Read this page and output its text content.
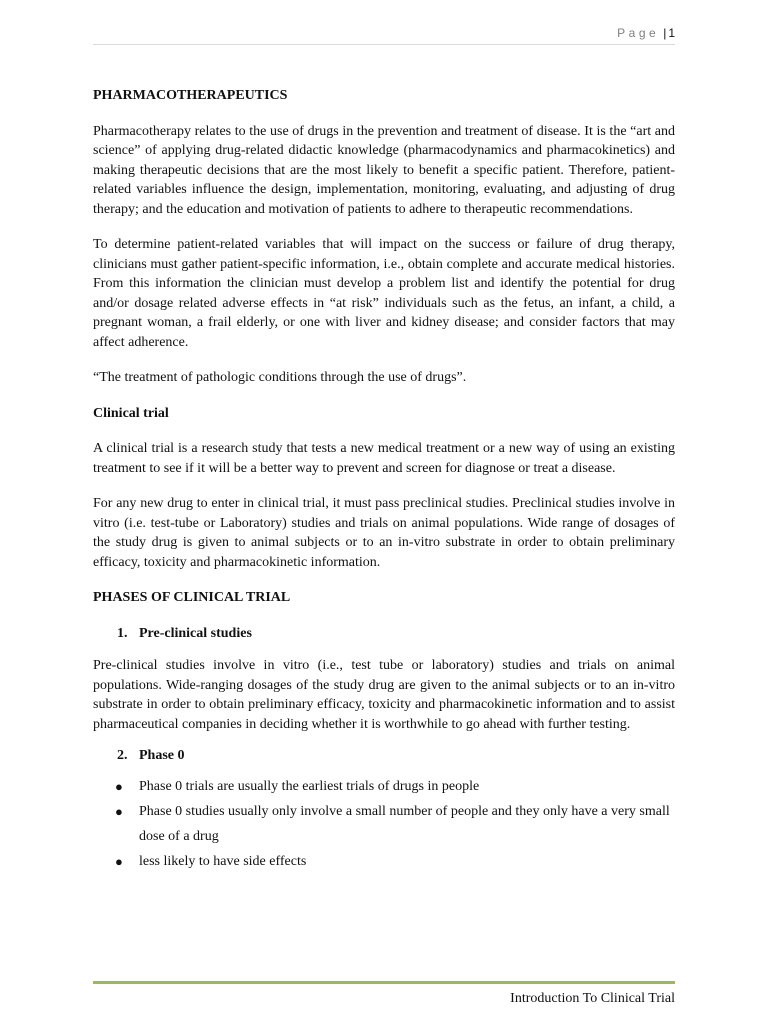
Page | 1
PHARMACOTHERAPEUTICS

Pharmacotherapy relates to the use of drugs in the prevention and treatment of disease. It is the “art and science” of applying drug-related didactic knowledge (pharmacodynamics and pharmacokinetics) and making therapeutic decisions that are the most likely to benefit a specific patient. Therefore, patient-related variables influence the design, implementation, monitoring, evaluating, and adjusting of drug therapy; and the education and motivation of patients to adhere to therapeutic recommendations.

To determine patient-related variables that will impact on the success or failure of drug therapy, clinicians must gather patient-specific information, i.e., obtain complete and accurate medical histories. From this information the clinician must develop a problem list and identify the potential for drug and/or dosage related adverse effects in “at risk” individuals such as the fetus, an infant, a child, a pregnant woman, a frail elderly, or one with liver and kidney disease; and consider factors that may affect adherence.

“The treatment of pathologic conditions through the use of drugs”.

Clinical trial

A clinical trial is a research study that tests a new medical treatment or a new way of using an existing treatment to see if it will be a better way to prevent and screen for diagnose or treat a disease.

For any new drug to enter in clinical trial, it must pass preclinical studies. Preclinical studies involve in vitro (i.e. test-tube or Laboratory) studies and trials on animal populations. Wide range of dosages of the study drug is given to animal subjects or to an in-vitro substrate in order to obtain preliminary efficacy, toxicity and pharmacokinetic information.

PHASES OF CLINICAL TRIAL
1. Pre-clinical studies

Pre-clinical studies involve in vitro (i.e., test tube or laboratory) studies and trials on animal populations. Wide-ranging dosages of the study drug are given to the animal subjects or to an in-vitro substrate in order to obtain preliminary efficacy, toxicity and pharmacokinetic information and to assist pharmaceutical companies in deciding whether it is worthwhile to go ahead with further testing.

2. Phase 0
● Phase 0 trials are usually the earliest trials of drugs in people
● Phase 0 studies usually only involve a small number of people and they only have a very small dose of a drug
● less likely to have side effects
Introduction To Clinical Trial
